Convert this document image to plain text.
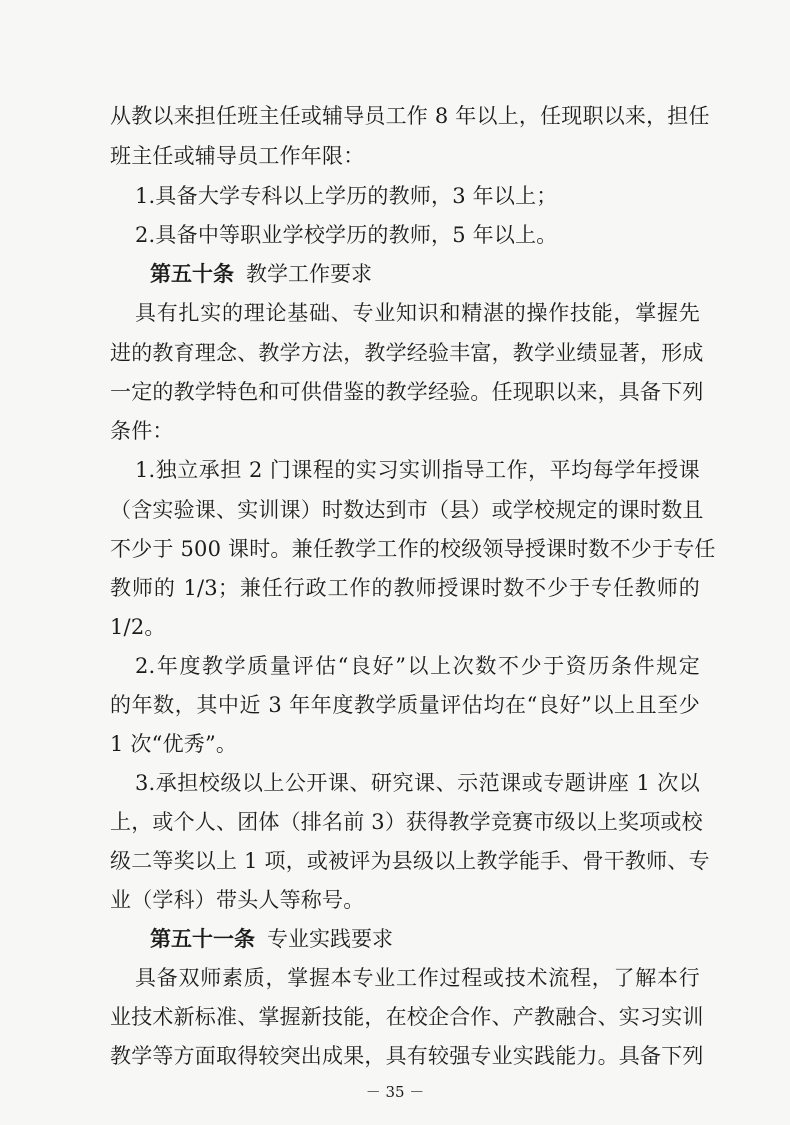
从教以来担任班主任或辅导员工作 8 年以上，任现职以来，担任
班主任或辅导员工作年限：
1.具备大学专科以上学历的教师，3 年以上；
2.具备中等职业学校学历的教师，5 年以上。
第五十条 教学工作要求
具有扎实的理论基础、专业知识和精湛的操作技能，掌握先
进的教育理念、教学方法，教学经验丰富，教学业绩显著，形成
一定的教学特色和可供借鉴的教学经验。任现职以来，具备下列
条件：
1.独立承担 2 门课程的实习实训指导工作，平均每学年授课
（含实验课、实训课）时数达到市（县）或学校规定的课时数且
不少于 500 课时。兼任教学工作的校级领导授课时数不少于专任
教师的 1/3；兼任行政工作的教师授课时数不少于专任教师的
1/2。
2.年度教学质量评估“良好”以上次数不少于资历条件规定
的年数，其中近 3 年年度教学质量评估均在“良好”以上且至少
1 次“优秀”。
3.承担校级以上公开课、研究课、示范课或专题讲座 1 次以
上，或个人、团体（排名前 3）获得教学竞赛市级以上奖项或校
级二等奖以上 1 项，或被评为县级以上教学能手、骨干教师、专
业（学科）带头人等称号。
第五十一条 专业实践要求
具备双师素质，掌握本专业工作过程或技术流程，了解本行
业技术新标准、掌握新技能，在校企合作、产教融合、实习实训
教学等方面取得较突出成果，具有较强专业实践能力。具备下列
－ 35 －
